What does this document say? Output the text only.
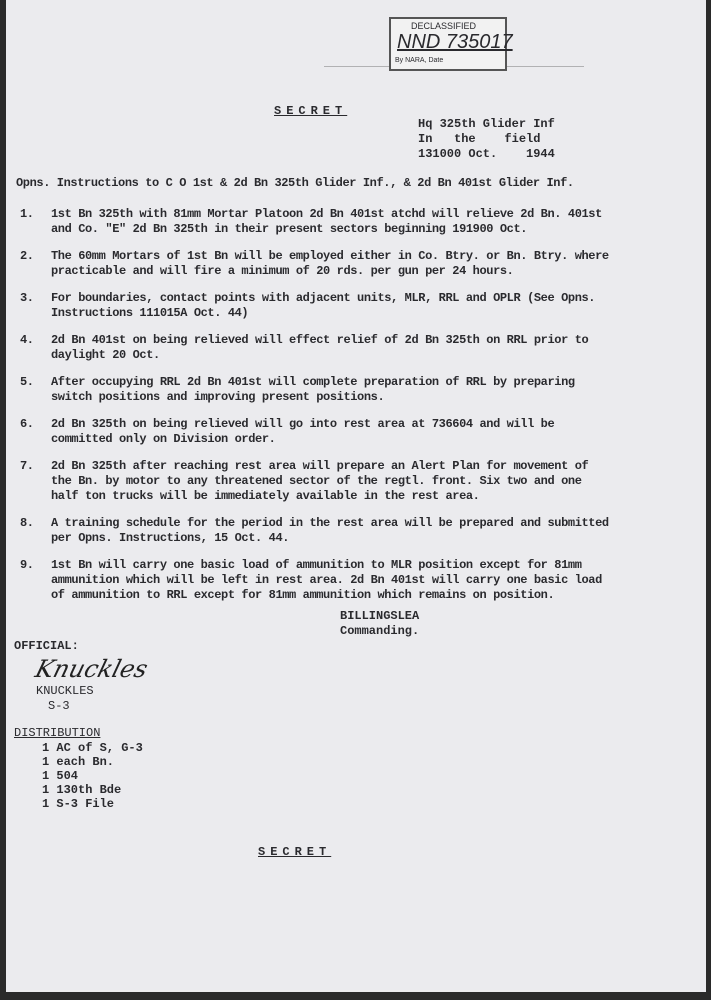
DECLASSIFIED
NND 735017
By NARA, Date
SECRET
Hq 325th Glider Inf
In   the    field
131000 Oct.    1944
Opns. Instructions to C O 1st & 2d Bn 325th Glider Inf., & 2d Bn 401st Glider Inf.
1. 1st Bn 325th with 81mm Mortar Platoon 2d Bn 401st atchd will relieve 2d Bn. 401st and Co. "E" 2d Bn 325th in their present sectors beginning 191900 Oct.
2. The 60mm Mortars of 1st Bn will be employed either in Co. Btry. or Bn. Btry. where practicable and will fire a minimum of 20 rds. per gun per 24 hours.
3. For boundaries, contact points with adjacent units, MLR, RRL and OPLR (See Opns. Instructions 111015A Oct. 44)
4. 2d Bn 401st on being relieved will effect relief of 2d Bn 325th on RRL prior to daylight 20 Oct.
5. After occupying RRL 2d Bn 401st will complete preparation of RRL by preparing switch positions and improving present positions.
6. 2d Bn 325th on being relieved will go into rest area at 736604 and will be committed only on Division order.
7. 2d Bn 325th after reaching rest area will prepare an Alert Plan for movement of the Bn. by motor to any threatened sector of the regtl. front. Six two and one half ton trucks will be immediately available in the rest area.
8. A training schedule for the period in the rest area will be prepared and submitted per Opns. Instructions, 15 Oct. 44.
9. 1st Bn will carry one basic load of ammunition to MLR position except for 81mm ammunition which will be left in rest area. 2d Bn 401st will carry one basic load of ammunition to RRL except for 81mm ammunition which remains on position.
BILLINGSLEA
Commanding.
OFFICIAL:
Knuckles
KNUCKLES
S-3
DISTRIBUTION
1 AC of S, G-3
1 each Bn.
1 504
1 130th Bde
1 S-3 File
SECRET
